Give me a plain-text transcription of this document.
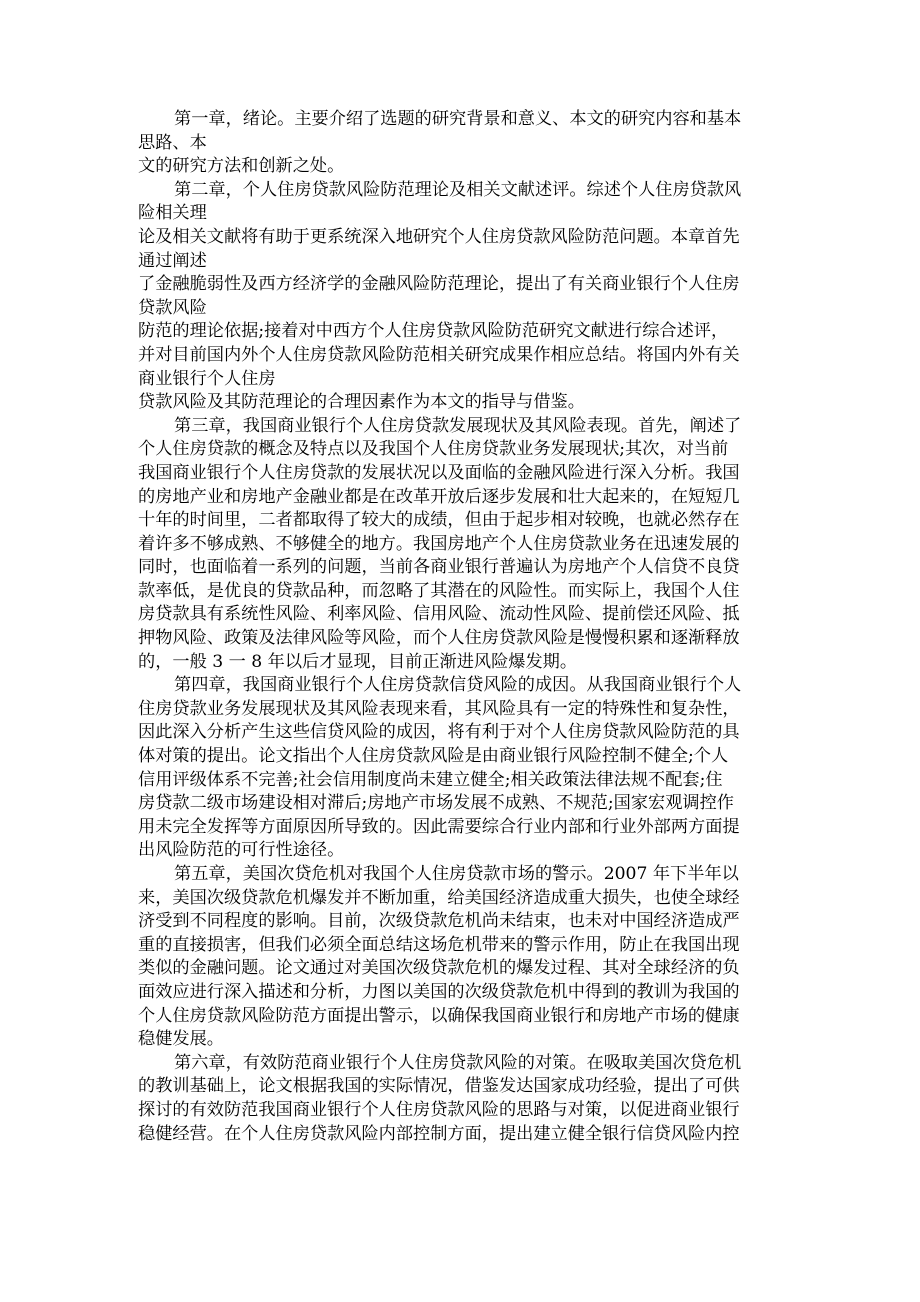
第一章，绪论。主要介绍了选题的研究背景和意义、本文的研究内容和基本
思路、本
文的研究方法和创新之处。
第二章，个人住房贷款风险防范理论及相关文献述评。综述个人住房贷款风
险相关理
论及相关文献将有助于更系统深入地研究个人住房贷款风险防范问题。本章首先
通过阐述
了金融脆弱性及西方经济学的金融风险防范理论，提出了有关商业银行个人住房
贷款风险
防范的理论依据;接着对中西方个人住房贷款风险防范研究文献进行综合述评，
并对目前国内外个人住房贷款风险防范相关研究成果作相应总结。将国内外有关
商业银行个人住房
贷款风险及其防范理论的合理因素作为本文的指导与借鉴。
第三章，我国商业银行个人住房贷款发展现状及其风险表现。首先，阐述了
个人住房贷款的概念及特点以及我国个人住房贷款业务发展现状;其次，对当前
我国商业银行个人住房贷款的发展状况以及面临的金融风险进行深入分析。我国
的房地产业和房地产金融业都是在改革开放后逐步发展和壮大起来的，在短短几
十年的时间里，二者都取得了较大的成绩，但由于起步相对较晚，也就必然存在
着许多不够成熟、不够健全的地方。我国房地产个人住房贷款业务在迅速发展的
同时，也面临着一系列的问题，当前各商业银行普遍认为房地产个人信贷不良贷
款率低，是优良的贷款品种，而忽略了其潜在的风险性。而实际上，我国个人住
房贷款具有系统性风险、利率风险、信用风险、流动性风险、提前偿还风险、抵
押物风险、政策及法律风险等风险，而个人住房贷款风险是慢慢积累和逐渐释放
的，一般 3 一 8 年以后才显现，目前正渐进风险爆发期。
第四章，我国商业银行个人住房贷款信贷风险的成因。从我国商业银行个人
住房贷款业务发展现状及其风险表现来看，其风险具有一定的特殊性和复杂性，
因此深入分析产生这些信贷风险的成因，将有利于对个人住房贷款风险防范的具
体对策的提出。论文指出个人住房贷款风险是由商业银行风险控制不健全;个人
信用评级体系不完善;社会信用制度尚未建立健全;相关政策法律法规不配套;住
房贷款二级市场建设相对滞后;房地产市场发展不成熟、不规范;国家宏观调控作
用未完全发挥等方面原因所导致的。因此需要综合行业内部和行业外部两方面提
出风险防范的可行性途径。
第五章，美国次贷危机对我国个人住房贷款市场的警示。2007 年下半年以
来，美国次级贷款危机爆发并不断加重，给美国经济造成重大损失，也使全球经
济受到不同程度的影响。目前，次级贷款危机尚未结束，也未对中国经济造成严
重的直接损害，但我们必须全面总结这场危机带来的警示作用，防止在我国出现
类似的金融问题。论文通过对美国次级贷款危机的爆发过程、其对全球经济的负
面效应进行深入描述和分析，力图以美国的次级贷款危机中得到的教训为我国的
个人住房贷款风险防范方面提出警示，以确保我国商业银行和房地产市场的健康
稳健发展。
第六章，有效防范商业银行个人住房贷款风险的对策。在吸取美国次贷危机
的教训基础上，论文根据我国的实际情况，借鉴发达国家成功经验，提出了可供
探讨的有效防范我国商业银行个人住房贷款风险的思路与对策，以促进商业银行
稳健经营。在个人住房贷款风险内部控制方面，提出建立健全银行信贷风险内控
